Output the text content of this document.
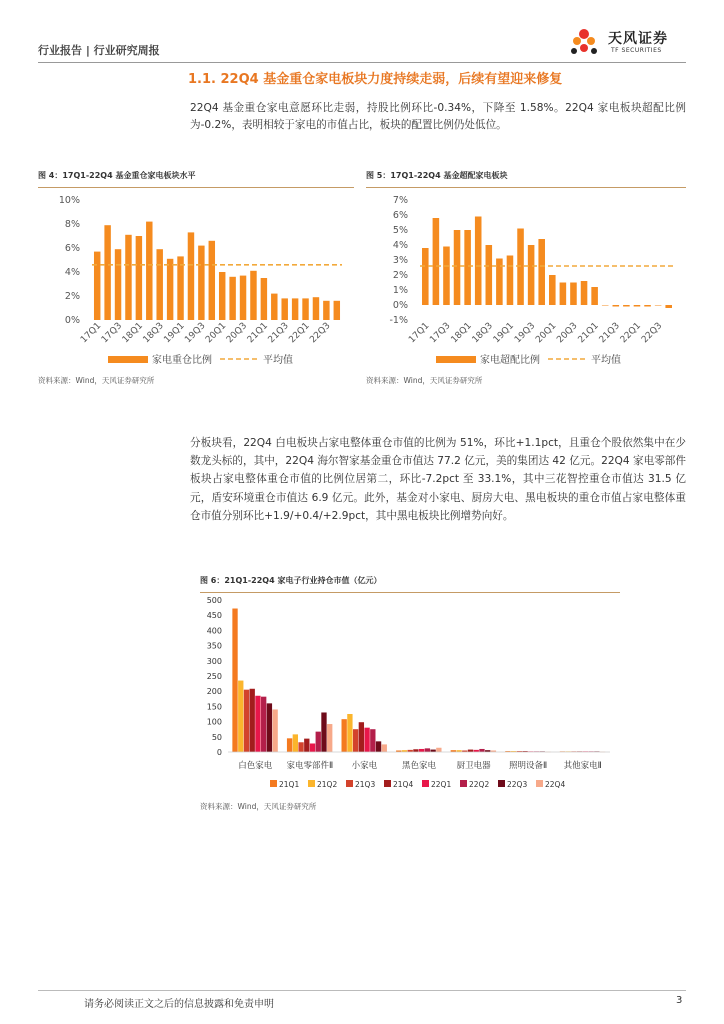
行业报告 | 行业研究周报
天风证券
TF SECURITIES
1.1. 22Q4 基金重仓家电板块力度持续走弱，后续有望迎来修复
22Q4 基金重仓家电意愿环比走弱，持股比例环比-0.34%，下降至 1.58%。22Q4 家电板块超配比例为-0.2%，表明相较于家电的市值占比，板块的配置比例仍处低位。
图 4：17Q1-22Q4 基金重仓家电板块水平
0%
2%
4%
6%
8%
10%
17Q1
17Q3
18Q1
18Q3
19Q1
19Q3
20Q1
20Q3
21Q1
21Q3
22Q1
22Q3
家电重仓比例	平均值
资料来源：Wind，天风证券研究所
图 5：17Q1-22Q4 基金超配家电板块
-1%
0%
1%
2%
3%
4%
5%
6%
7%
17Q1
17Q3
18Q1
18Q3
19Q1
19Q3
20Q1
20Q3
21Q1
21Q3
22Q1
22Q3
家电超配比例	平均值
资料来源：Wind，天风证券研究所
分板块看，22Q4 白电板块占家电整体重仓市值的比例为 51%，环比+1.1pct，且重仓个股依然集中在少数龙头标的，其中，22Q4 海尔智家基金重仓市值达 77.2 亿元，美的集团达 42 亿元。22Q4 家电零部件板块占家电整体重仓市值的比例位居第二，环比-7.2pct 至 33.1%，其中三花智控重仓市值达 31.5 亿元，盾安环境重仓市值达 6.9 亿元。此外，基金对小家电、厨房大电、黑电板块的重仓市值占家电整体重仓市值分别环比+1.9/+0.4/+2.9pct，其中黑电板块比例增势向好。
图 6：21Q1-22Q4 家电子行业持仓市值（亿元）
0
50
100
150
200
250
300
350
400
450
500
白色家电 家电零部件Ⅱ 小家电	黑色家电 厨卫电器 照明设备Ⅱ 其他家电Ⅱ
21Q1 21Q2 21Q3 21Q4 22Q1 22Q2 22Q3 22Q4
资料来源：Wind，天风证券研究所
请务必阅读正文之后的信息披露和免责申明	3
